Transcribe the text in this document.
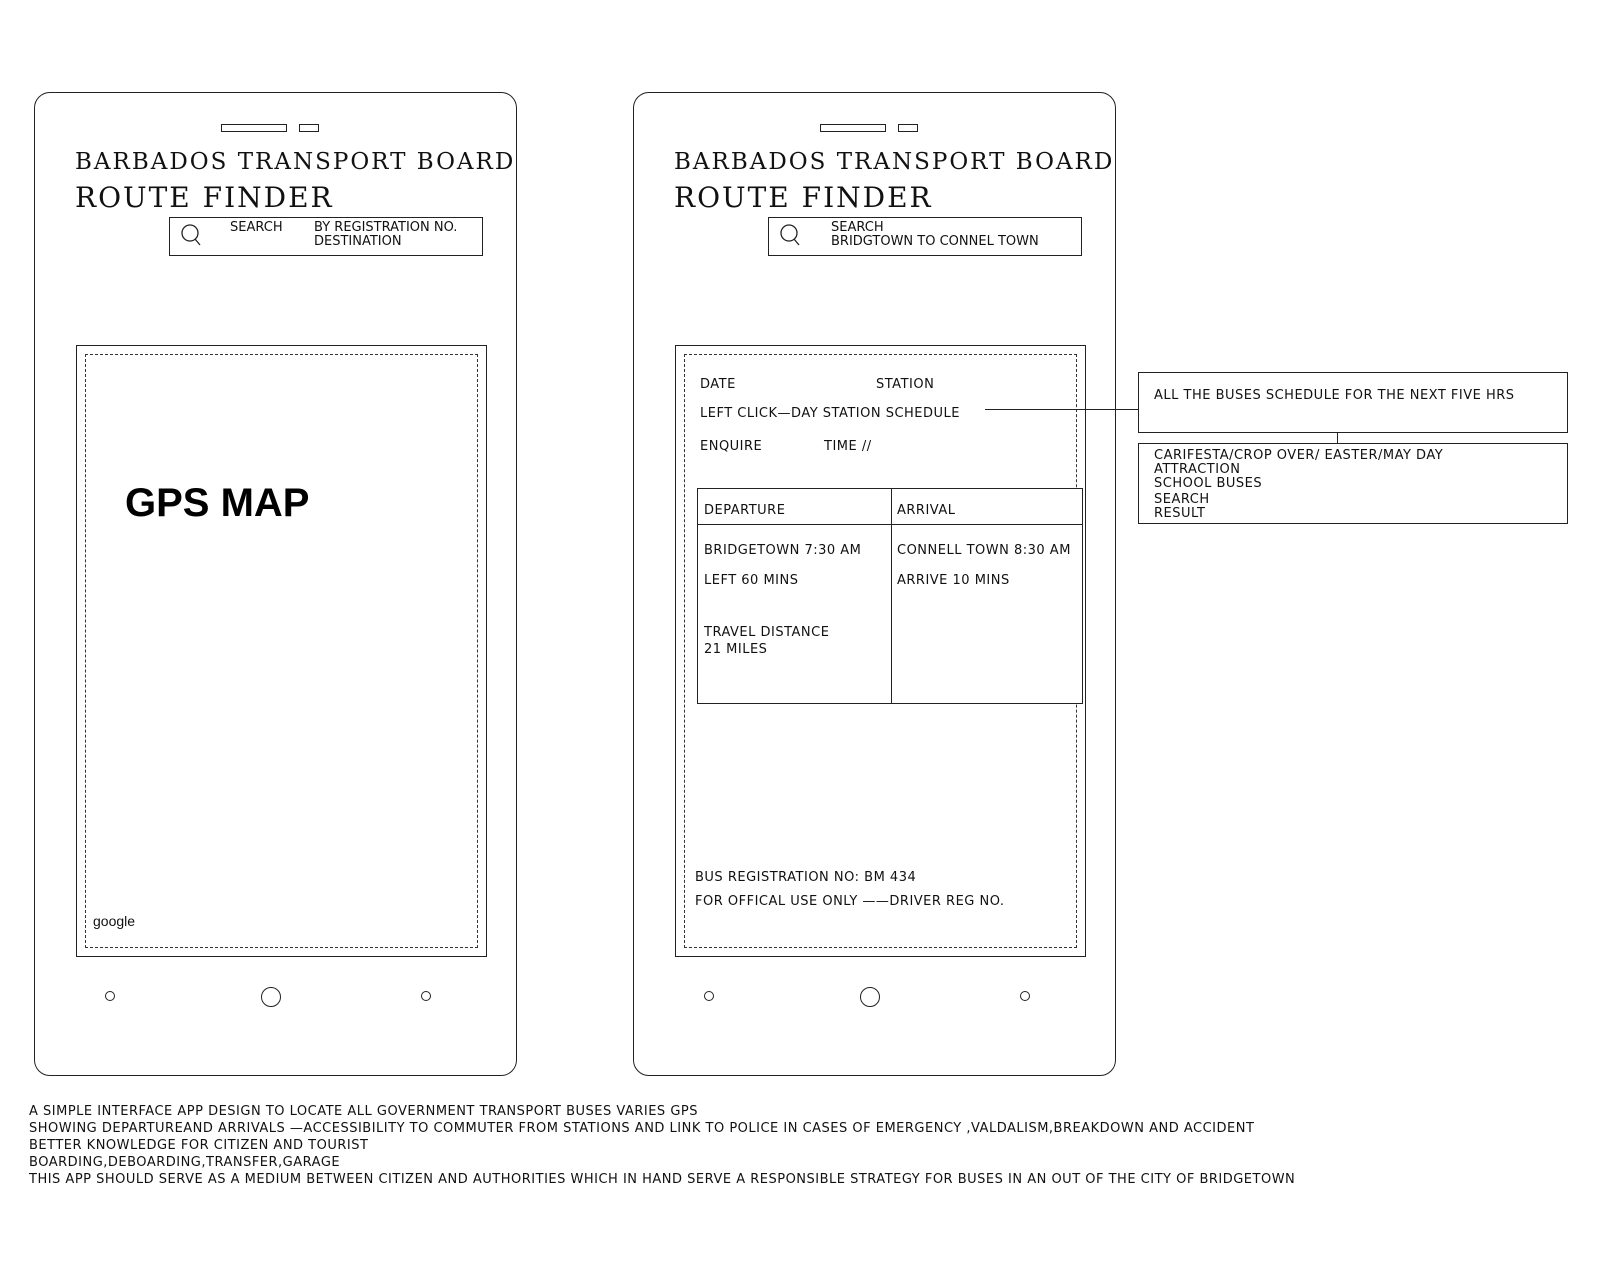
BARBADOS TRANSPORT BOARD
ROUTE FINDER
SEARCH BY REGISTRATION NO.
DESTINATION
GPS MAP
google
BARBADOS TRANSPORT BOARD
ROUTE FINDER
SEARCH
BRIDGTOWN TO CONNEL TOWN
DATE	STATION
LEFT CLICK—DAY STATION SCHEDULE
ENQUIRE	TIME //
DEPARTURE
BRIDGETOWN 7:30 AM
LEFT 60 MINS
TRAVEL DISTANCE
21 MILES
ARRIVAL
CONNELL TOWN 8:30 AM
ARRIVE 10 MINS
BUS REGISTRATION NO: BM 434
FOR OFFICAL USE ONLY ——DRIVER REG NO.
ALL THE BUSES SCHEDULE FOR THE NEXT FIVE HRS
CARIFESTA/CROP OVER/ EASTER/MAY DAY
ATTRACTION
SCHOOL BUSES
SEARCH
RESULT
A SIMPLE INTERFACE APP DESIGN TO LOCATE ALL GOVERNMENT TRANSPORT BUSES VARIES GPS
SHOWING DEPARTUREAND ARRIVALS —ACCESSIBILITY TO COMMUTER FROM STATIONS AND LINK TO POLICE IN CASES OF EMERGENCY ,VALDALISM,BREAKDOWN AND ACCIDENT
BETTER KNOWLEDGE FOR CITIZEN AND TOURIST
BOARDING,DEBOARDING,TRANSFER,GARAGE
THIS APP SHOULD SERVE AS A MEDIUM BETWEEN CITIZEN AND AUTHORITIES WHICH IN HAND SERVE A RESPONSIBLE STRATEGY FOR BUSES IN AN OUT OF THE CITY OF BRIDGETOWN
